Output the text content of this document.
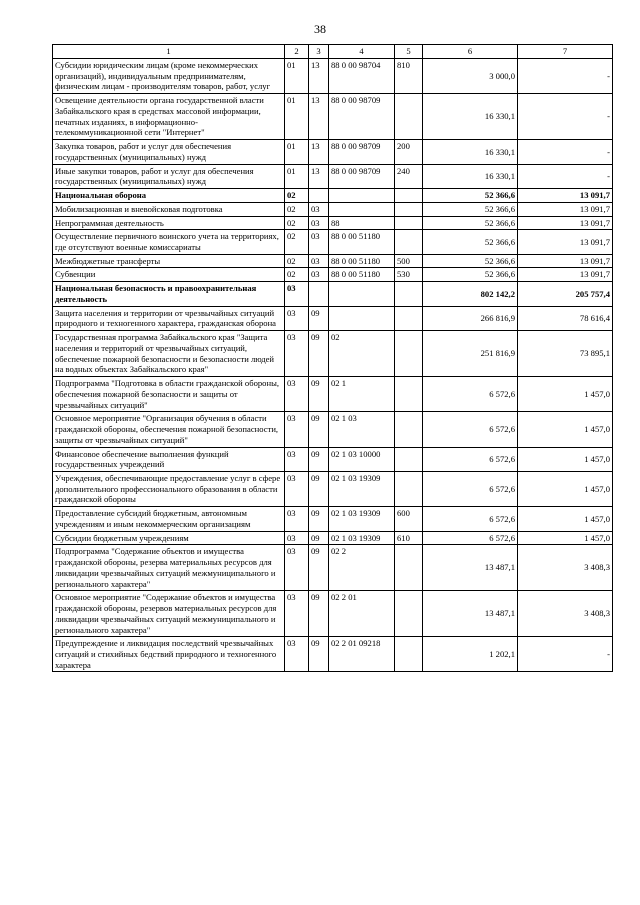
38
1	2	3	4	5	6	7
Субсидии юридическим лицам (кроме некоммерческих организаций), индивидуальным предпринимателям, физическим лицам - производителям товаров, работ, услуг	01	13	88 0 00 98704	810	3 000,0	-
Освещение деятельности органа государственной власти Забайкальского края в средствах массовой информации, печатных изданиях, в информационно-телекоммуникационной сети "Интернет"	01	13	88 0 00 98709		16 330,1	-
Закупка товаров, работ и услуг для обеспечения государственных (муниципальных) нужд	01	13	88 0 00 98709	200	16 330,1	-
Иные закупки товаров, работ и услуг для обеспечения государственных (муниципальных) нужд	01	13	88 0 00 98709	240	16 330,1	-
Национальная оборона	02				52 366,6	13 091,7
Мобилизационная и вневойсковая подготовка	02	03			52 366,6	13 091,7
Непрограммная деятельность	02	03	88		52 366,6	13 091,7
Осуществление первичного воинского учета на территориях, где отсутствуют военные комиссариаты	02	03	88 0 00 51180		52 366,6	13 091,7
Межбюджетные трансферты	02	03	88 0 00 51180	500	52 366,6	13 091,7
Субвенции	02	03	88 0 00 51180	530	52 366,6	13 091,7
Национальная безопасность и правоохранительная деятельность	03				802 142,2	205 757,4
Защита населения и территории от чрезвычайных ситуаций природного и техногенного характера, гражданская оборона	03	09			266 816,9	78 616,4
Государственная программа Забайкальского края "Защита населения и территорий от чрезвычайных ситуаций, обеспечение пожарной безопасности и безопасности людей на водных объектах Забайкальского края"	03	09	02		251 816,9	73 895,1
Подпрограмма "Подготовка в области гражданской обороны, обеспечения пожарной безопасности и защиты от чрезвычайных ситуаций"	03	09	02 1		6 572,6	1 457,0
Основное мероприятие "Организация обучения в области гражданской обороны, обеспечения пожарной безопасности, защиты от чрезвычайных ситуаций"	03	09	02 1 03		6 572,6	1 457,0
Финансовое обеспечение выполнения функций государственных учреждений	03	09	02 1 03 10000		6 572,6	1 457,0
Учреждения, обеспечивающие предоставление услуг в сфере дополнительного профессионального образования в области гражданской обороны	03	09	02 1 03 19309		6 572,6	1 457,0
Предоставление субсидий бюджетным, автономным учреждениям и иным некоммерческим организациям	03	09	02 1 03 19309	600	6 572,6	1 457,0
Субсидии бюджетным учреждениям	03	09	02 1 03 19309	610	6 572,6	1 457,0
Подпрограмма "Содержание объектов и имущества гражданской обороны, резерва материальных ресурсов для ликвидации чрезвычайных ситуаций межмуниципального и регионального характера"	03	09	02 2		13 487,1	3 408,3
Основное мероприятие "Содержание объектов и имущества гражданской обороны, резервов материальных ресурсов для ликвидации чрезвычайных ситуаций межмуниципального и регионального характера"	03	09	02 2 01		13 487,1	3 408,3
Предупреждение и ликвидация последствий чрезвычайных ситуаций и стихийных бедствий природного и техногенного характера	03	09	02 2 01 09218		1 202,1	-
